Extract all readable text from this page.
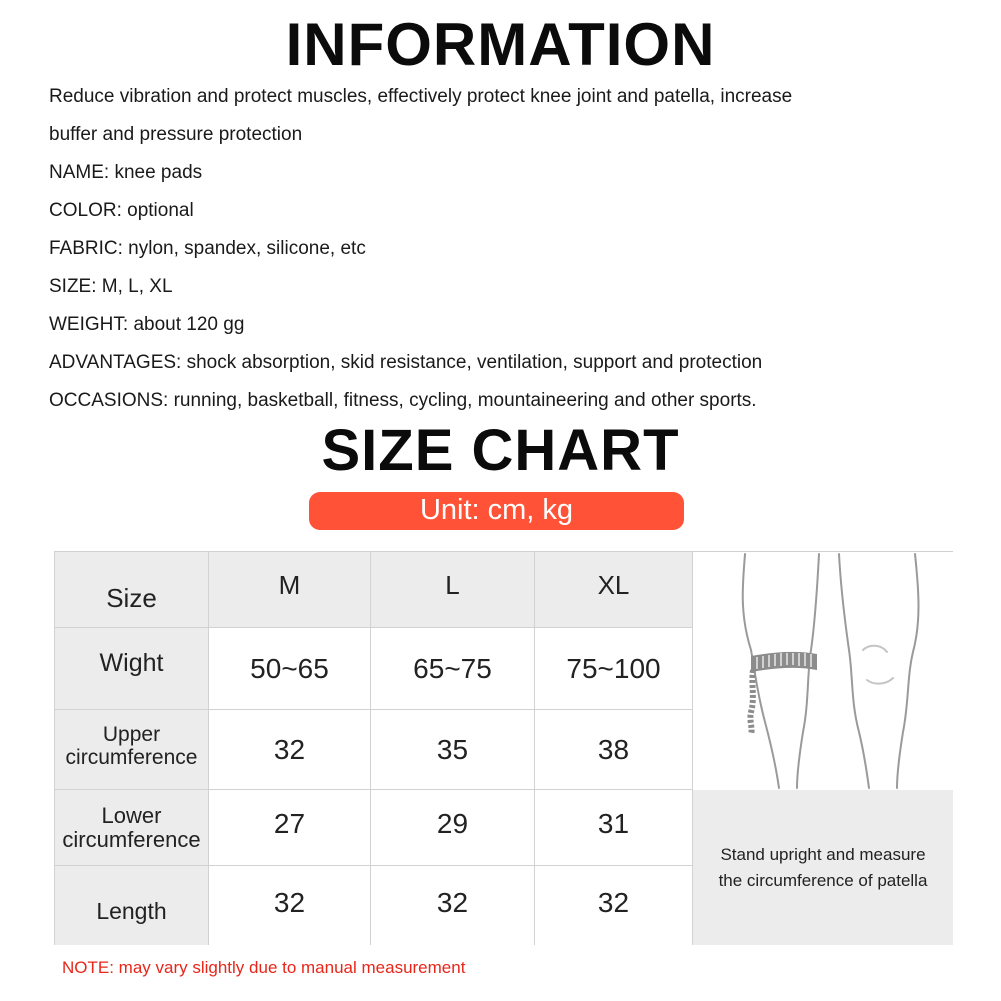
INFORMATION
Reduce vibration and protect muscles, effectively protect knee joint and patella, increase
buffer and pressure protection
NAME: knee pads
COLOR: optional
FABRIC: nylon, spandex, silicone, etc
SIZE: M, L, XL
WEIGHT: about 120 gg
ADVANTAGES: shock absorption, skid resistance, ventilation, support and protection
OCCASIONS: running, basketball, fitness, cycling, mountaineering and other sports.
SIZE CHART
Unit: cm, kg
Size	M	L	XL
Wight	50~65	65~75	75~100
Upper
circumference	32	35	38
Lower
circumference
27	29	31
Length	32	32	32
Stand upright and measure
the circumference of patella
NOTE: may vary slightly due to manual measurement
